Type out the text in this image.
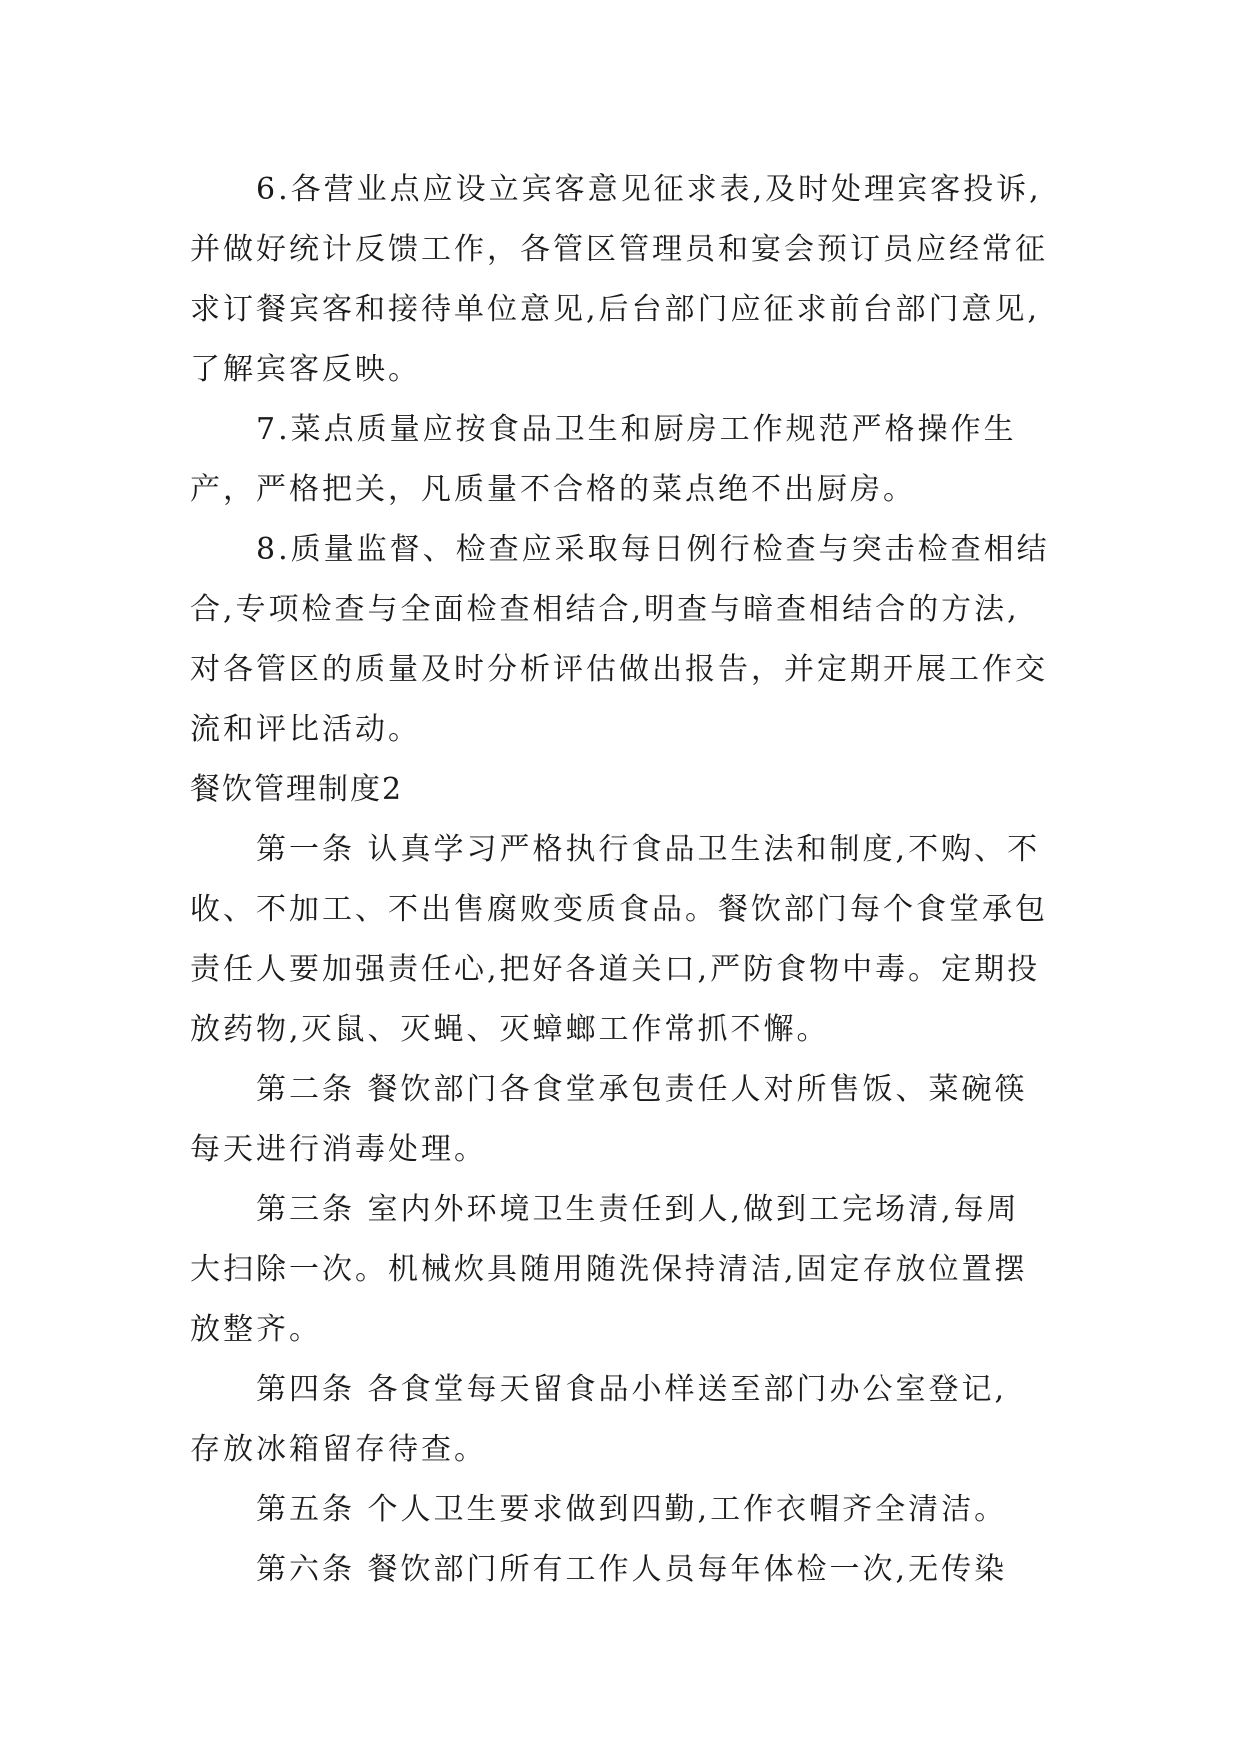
6.各营业点应设立宾客意见征求表,及时处理宾客投诉,
并做好统计反馈工作，各管区管理员和宴会预订员应经常征
求订餐宾客和接待单位意见,后台部门应征求前台部门意见,
了解宾客反映。
7.菜点质量应按食品卫生和厨房工作规范严格操作生
产，严格把关，凡质量不合格的菜点绝不出厨房。
8.质量监督、检查应采取每日例行检查与突击检查相结
合,专项检查与全面检查相结合,明查与暗查相结合的方法,
对各管区的质量及时分析评估做出报告，并定期开展工作交
流和评比活动。
餐饮管理制度2
第一条 认真学习严格执行食品卫生法和制度,不购、不
收、不加工、不出售腐败变质食品。餐饮部门每个食堂承包
责任人要加强责任心,把好各道关口,严防食物中毒。定期投
放药物,灭鼠、灭蝇、灭蟑螂工作常抓不懈。
第二条 餐饮部门各食堂承包责任人对所售饭、菜碗筷
每天进行消毒处理。
第三条 室内外环境卫生责任到人,做到工完场清,每周
大扫除一次。机械炊具随用随洗保持清洁,固定存放位置摆
放整齐。
第四条 各食堂每天留食品小样送至部门办公室登记,
存放冰箱留存待查。
第五条 个人卫生要求做到四勤,工作衣帽齐全清洁。
第六条 餐饮部门所有工作人员每年体检一次,无传染
